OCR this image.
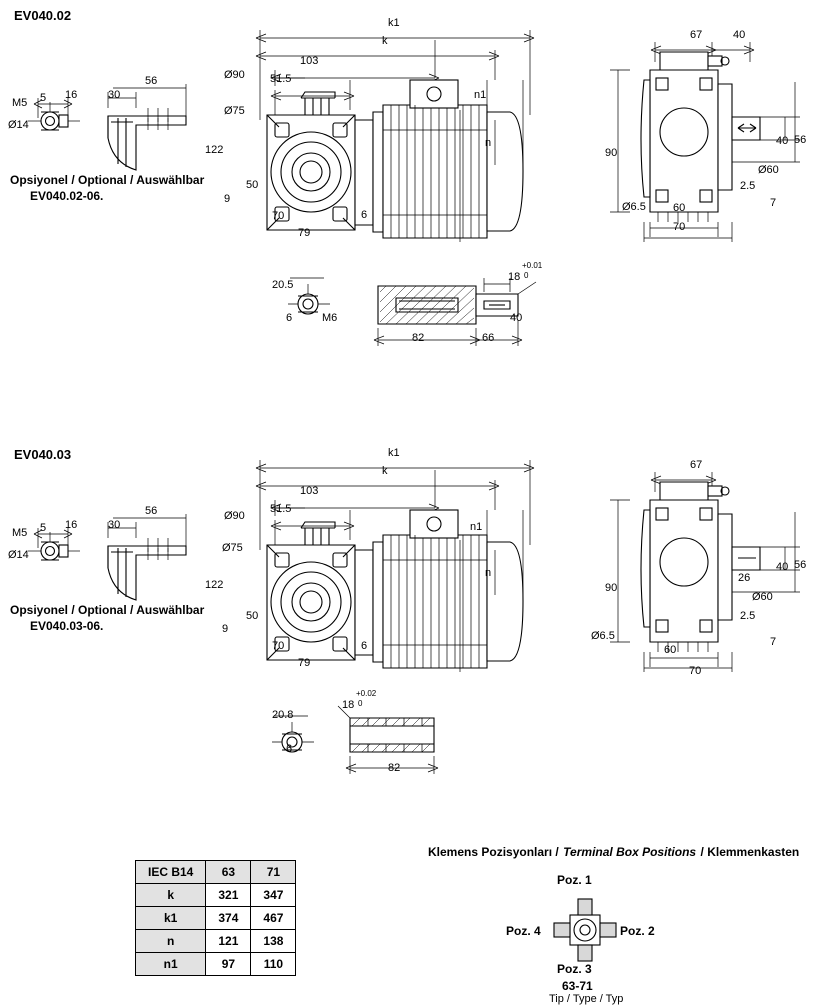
EV040.02
M5 5 16
Ø14
30
56
Opsiyonel / Optional / Auswählbar
EV040.02-06.
k1
k
103
51.5
Ø90
Ø75
122
50
9
6
70
79
n1
n
67	40
56
90
40
Ø60
2.5
7
Ø6.5 60
70
20.5
6	M6
18
+0.01
0
40
82	66
EV040.03
M5 5 16
Ø14
30
56
Opsiyonel / Optional / Auswählbar
EV040.03-06.
k1
k
103
51.5
Ø90
Ø75
122
50
9
6
70
79
n1
n
67
56
90
40
26
Ø60
2.5
7
Ø6.5
60
70
20.8
6
18
+0.02
0
82
IEC B14	63	71
k	321	347
k1	374	467
n	121	138
n1	97	110
Klemens Pozisyonları / Terminal Box Positions / Klemmenkasten
Poz. 1
Poz. 2
Poz. 3
Poz. 4
63-71
Tip / Type / Typ
